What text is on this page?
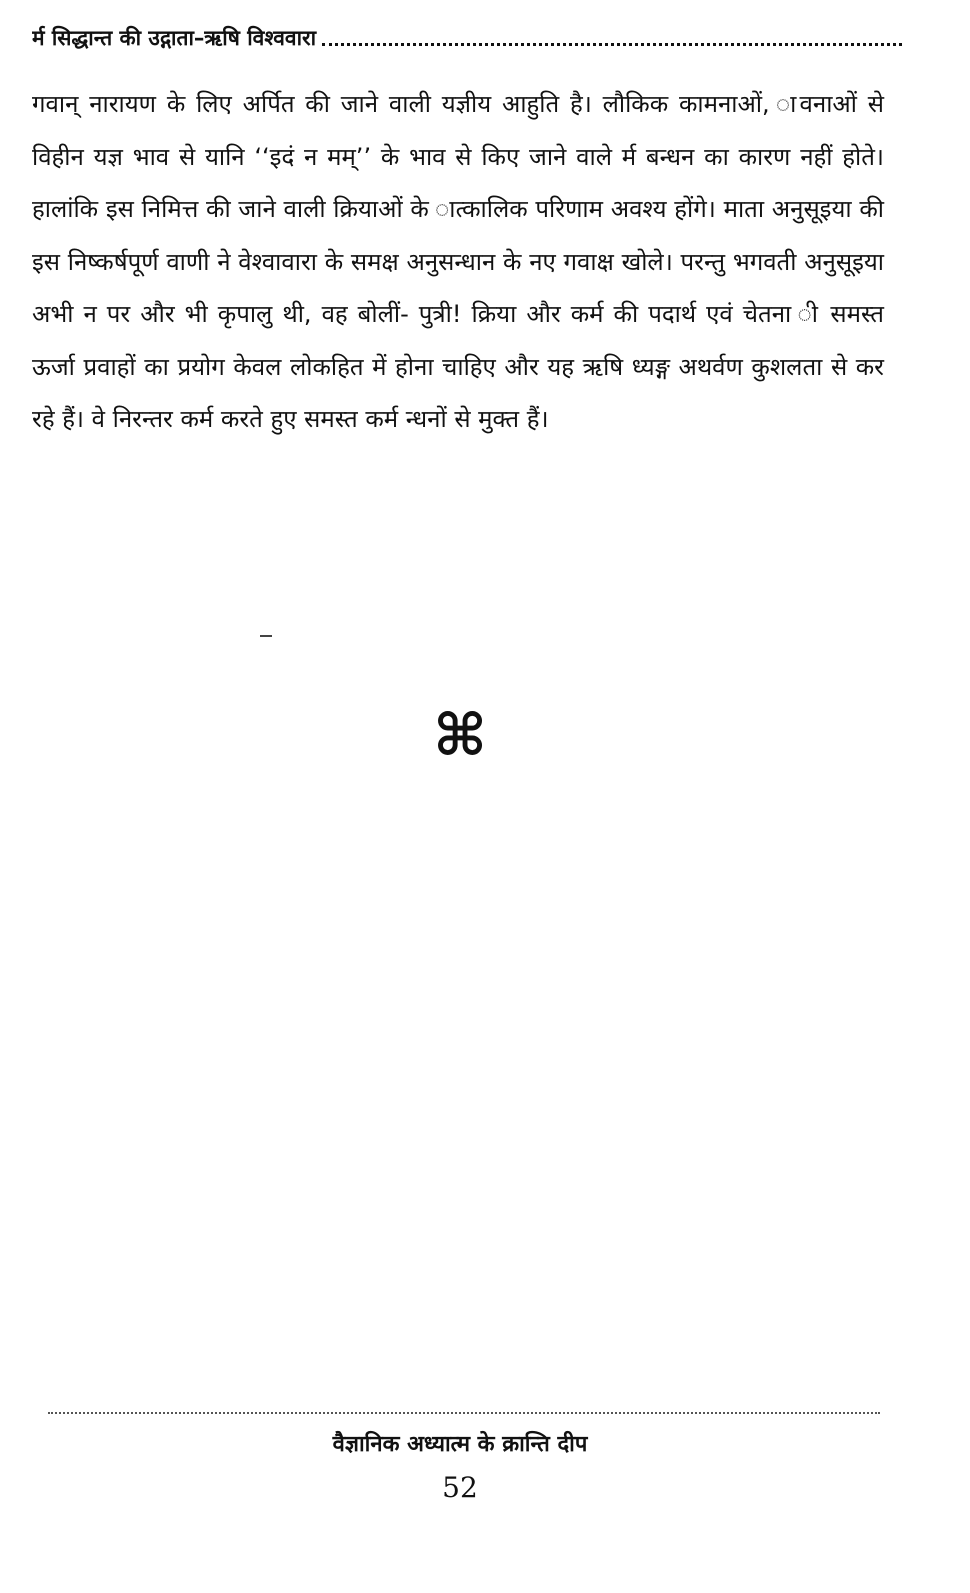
र्म सिद्धान्त की उद्गाता–ऋषि विश्ववारा

गवान् नारायण के लिए अर्पित की जाने वाली यज्ञीय आहुति है। लौकिक कामनाओं, ावनाओं से विहीन यज्ञ भाव से यानि ‘‘इदं न मम्’’ के भाव से किए जाने वाले र्म बन्धन का कारण नहीं होते। हालांकि इस निमित्त की जाने वाली क्रियाओं के ात्कालिक परिणाम अवश्य होंगे। माता अनुसूइया की इस निष्कर्षपूर्ण वाणी ने वेश्वावारा के समक्ष अनुसन्धान के नए गवाक्ष खोले। परन्तु भगवती अनुसूइया अभी न पर और भी कृपालु थी, वह बोलीं- पुत्री! क्रिया और कर्म की पदार्थ एवं चेतना ी समस्त ऊर्जा प्रवाहों का प्रयोग केवल लोकहित में होना चाहिए और यह ऋषि ध्यङ्ग अथर्वण कुशलता से कर रहे हैं। वे निरन्तर कर्म करते हुए समस्त कर्म न्धनों से मुक्त हैं।

⌘
वैज्ञानिक अध्यात्म के क्रान्ति दीप
52
